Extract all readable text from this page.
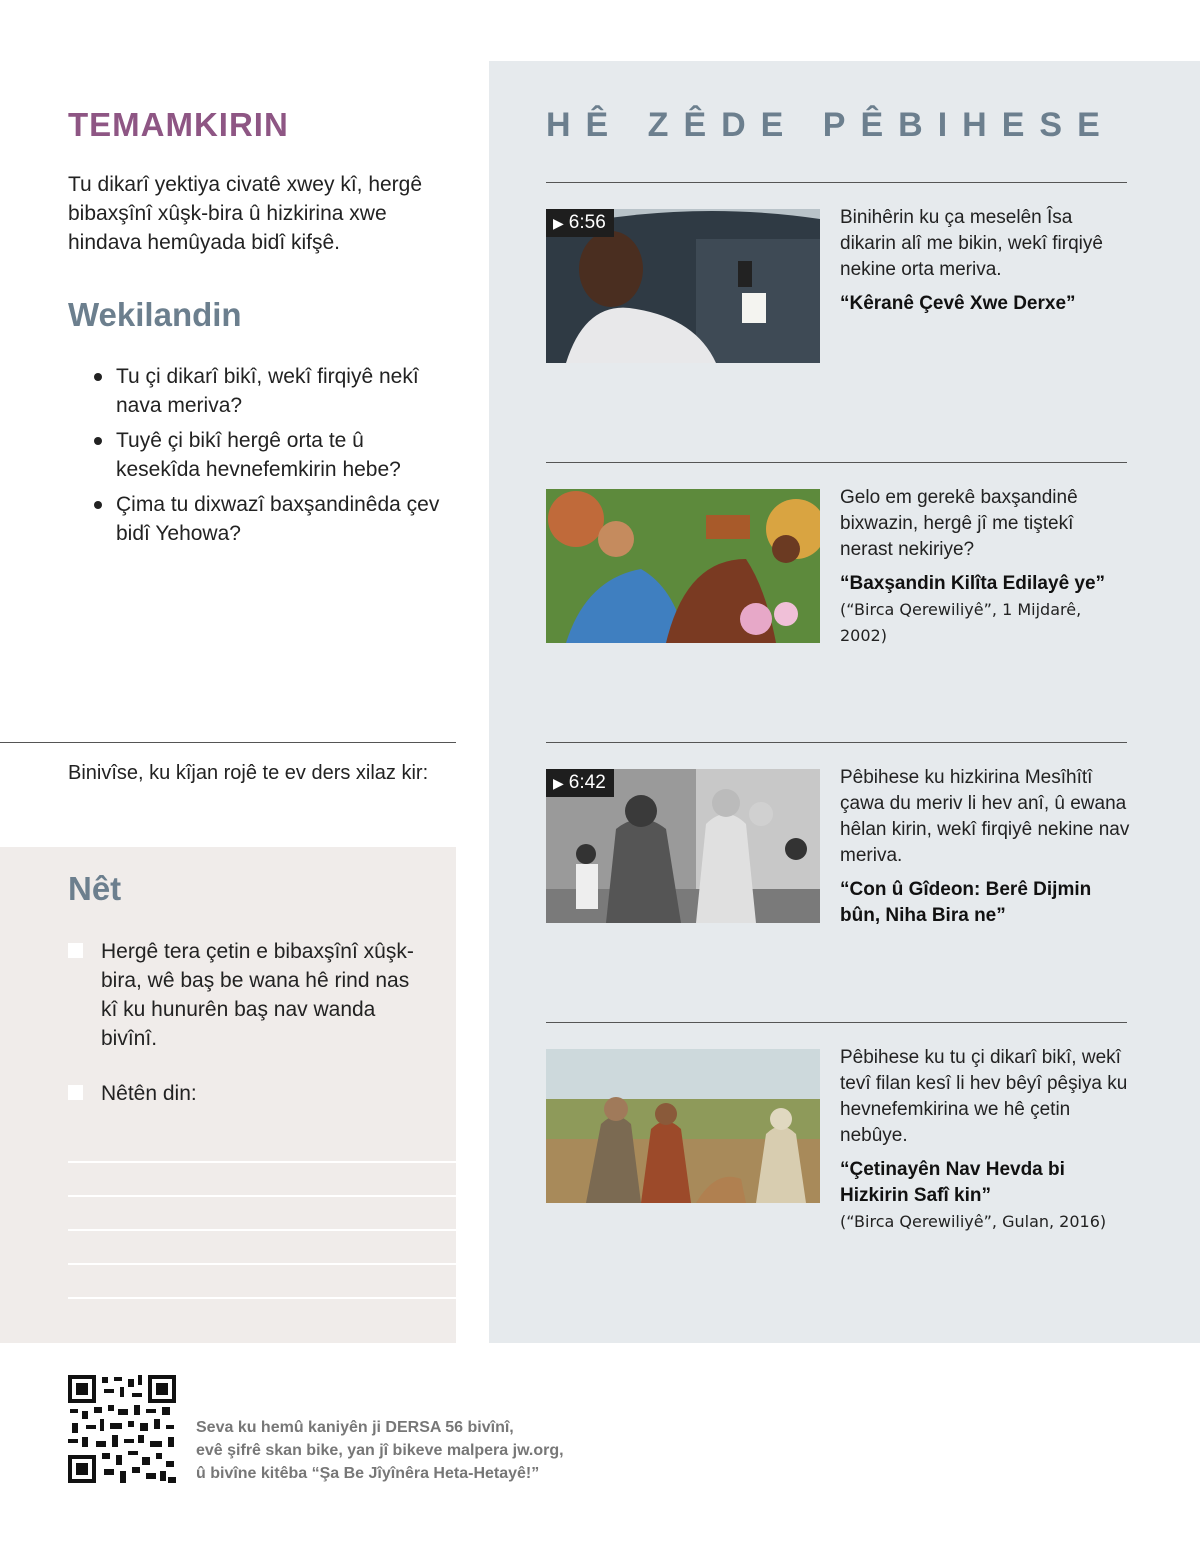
TEMAMKIRIN
Tu dikarî yektiya civatê xwey kî, hergê bibaxşînî xûşk-bira û hizkirina xwe hindava hemûyada bidî kifşê.
Wekilandin
Tu çi dikarî bikî, wekî firqiyê nekî nava meriva?
Tuyê çi bikî hergê orta te û kesekîda hevnefemkirin hebe?
Çima tu dixwazî baxşandinêda çev bidî Yehowa?
Binivîse, ku kîjan rojê te ev ders xilaz kir:
Nêt
Hergê tera çetin e bibaxşînî xûşk-bira, wê baş be wana hê rind nas kî ku hunurên baş nav wanda bivînî.
Nêtên din:
HÊ ZÊDE PÊBIHESE
▶ 6:56	Binihêrin ku ça meselên Îsa dikarin alî me bikin, wekî firqiyê nekine orta meriva.
“Kêranê Çevê Xwe Derxe”
Gelo em gerekê baxşandinê bixwazin, hergê jî me tiştekî nerast nekiriye?
“Baxşandin Kilîta Edilayê ye”
(“Birca Qerewiliyê”, 1 Mijdarê, 2002)
▶ 6:42	Pêbihese ku hizkirina Mesîhîtî çawa du meriv li hev anî, û ewana hêlan kirin, wekî firqiyê nekine nav meriva.
“Con û Gîdeon: Berê Dijmin bûn, Niha Bira ne”
Pêbihese ku tu çi dikarî bikî, wekî tevî filan kesî li hev bêyî pêşiya ku hevnefemkirina we hê çetin nebûye.
“Çetinayên Nav Hevda bi Hizkirin Safî kin”
(“Birca Qerewiliyê”, Gulan, 2016)
Seva ku hemû kaniyên ji DERSA 56 bivînî,
evê şifrê skan bike, yan jî bikeve malpera jw.org,
û bivîne kitêba “Şa Be Jîyînêra Heta-Hetayê!”
